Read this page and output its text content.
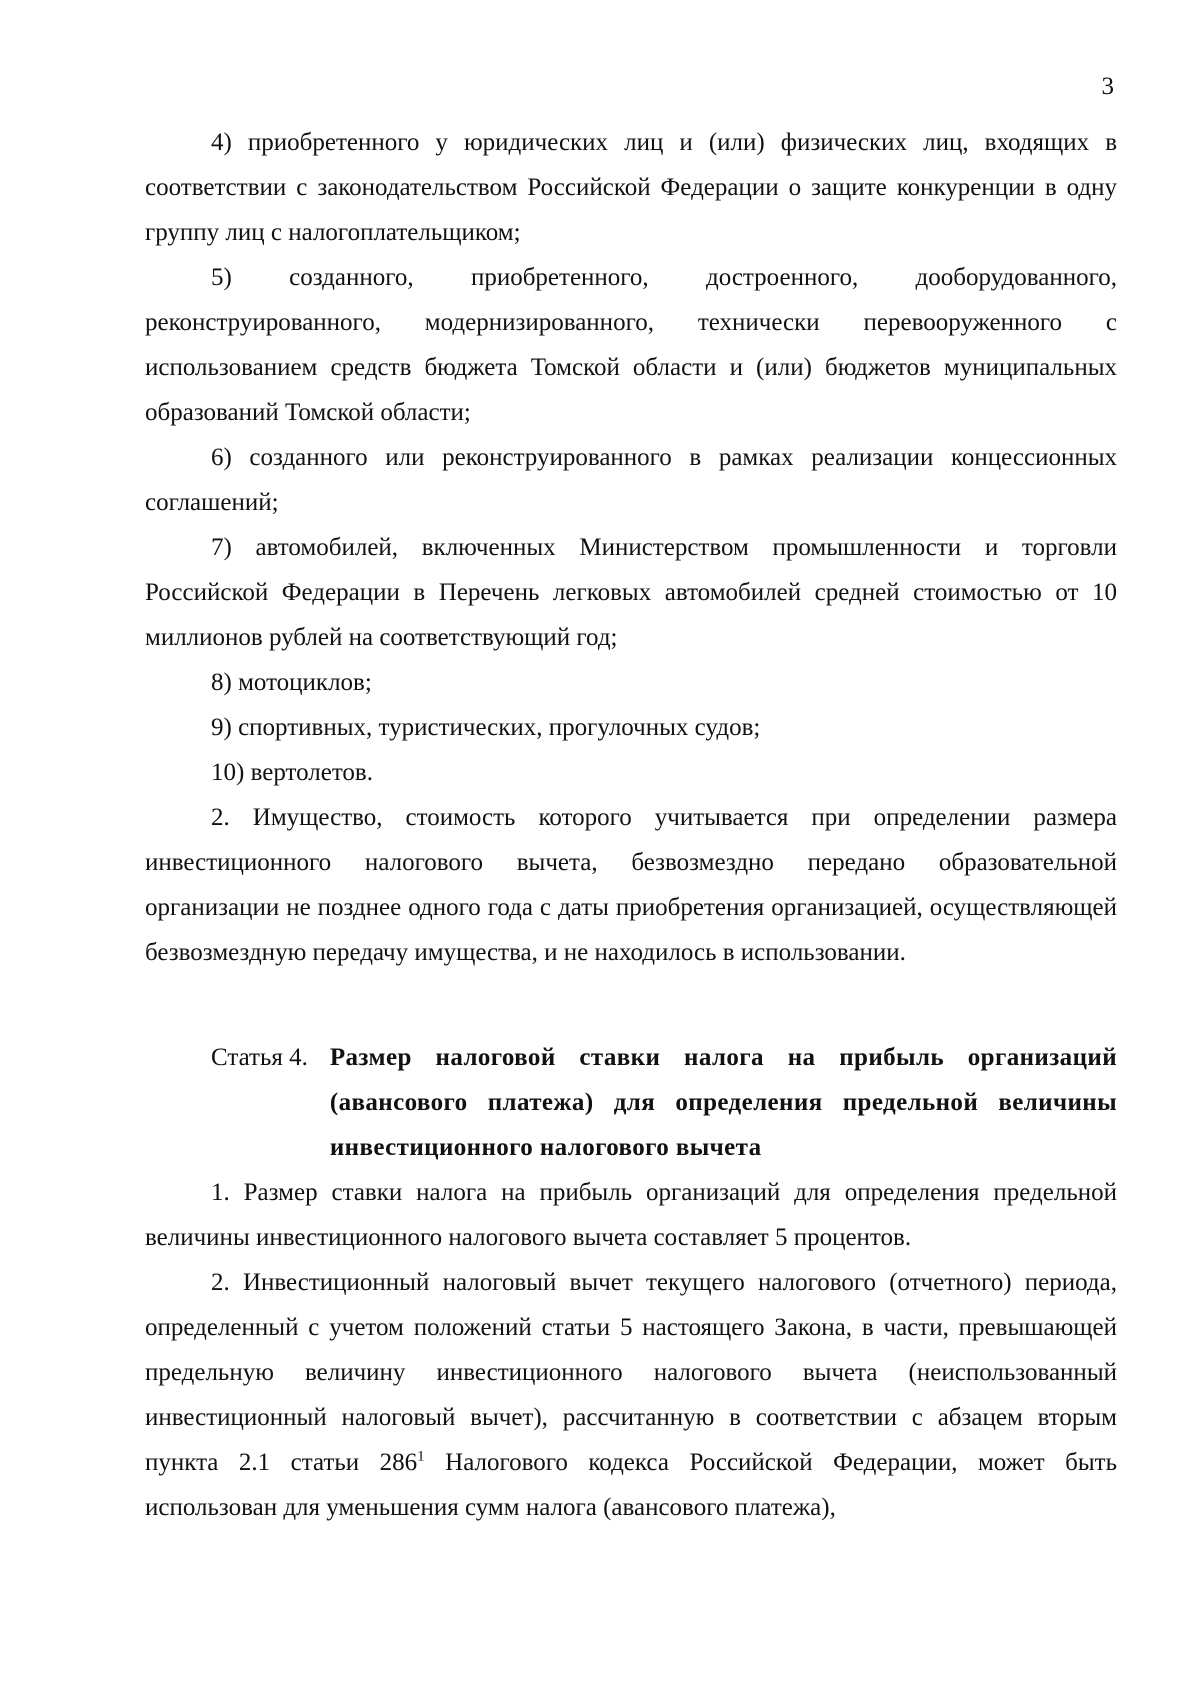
3

4) приобретенного у юридических лиц и (или) физических лиц, входящих в соответствии с законодательством Российской Федерации о защите конкуренции в одну группу лиц с налогоплательщиком;

5) созданного, приобретенного, достроенного, дооборудованного, реконструированного, модернизированного, технически перевооруженного с использованием средств бюджета Томской области и (или) бюджетов муниципальных образований Томской области;

6) созданного или реконструированного в рамках реализации концессионных соглашений;

7) автомобилей, включенных Министерством промышленности и торговли Российской Федерации в Перечень легковых автомобилей средней стоимостью от 10 миллионов рублей на соответствующий год;

8) мотоциклов;

9) спортивных, туристических, прогулочных судов;

10) вертолетов.

2. Имущество, стоимость которого учитывается при определении размера инвестиционного налогового вычета, безвозмездно передано образовательной организации не позднее одного года с даты приобретения организацией, осуществляющей безвозмездную передачу имущества, и не находилось в использовании.

Статья 4. Размер налоговой ставки налога на прибыль организаций (авансового платежа) для определения предельной величины инвестиционного налогового вычета

1. Размер ставки налога на прибыль организаций для определения предельной величины инвестиционного налогового вычета составляет 5 процентов.

2. Инвестиционный налоговый вычет текущего налогового (отчетного) периода, определенный с учетом положений статьи 5 настоящего Закона, в части, превышающей предельную величину инвестиционного налогового вычета (неиспользованный инвестиционный налоговый вычет), рассчитанную в соответствии с абзацем вторым пункта 2.1 статьи $286^1$ Налогового кодекса Российской Федерации, может быть использован для уменьшения сумм налога (авансового платежа),
